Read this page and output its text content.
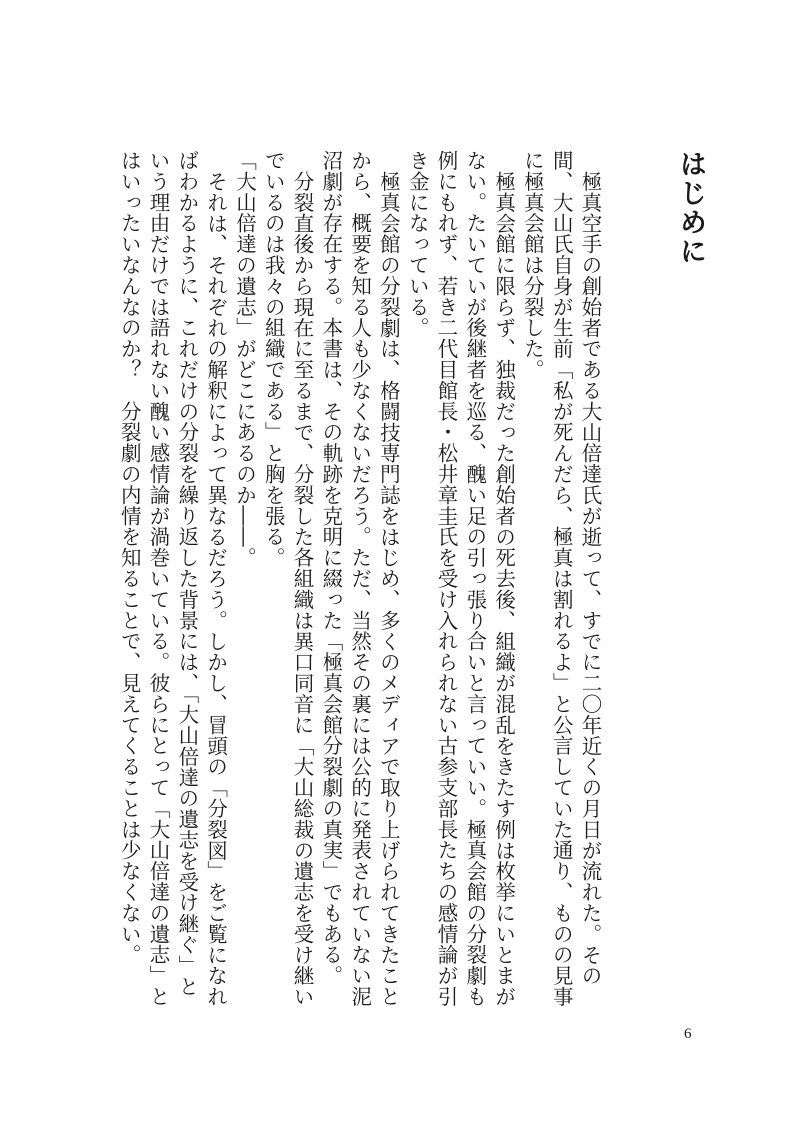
はじめに

極真空手の創始者である大山倍達氏が逝って、すでに二〇年近くの月日が流れた。その間、大山氏自身が生前「私が死んだら、極真は割れるよ」と公言していた通り、ものの見事に極真会館は分裂した。

極真会館に限らず、独裁だった創始者の死去後、組織が混乱をきたす例は枚挙にいとまがない。たいていが後継者を巡る、醜い足の引っ張り合いと言っていい。極真会館の分裂劇も例にもれず、若き二代目館長・松井章圭氏を受け入れられない古参支部長たちの感情論が引き金になっている。

極真会館の分裂劇は、格闘技専門誌をはじめ、多くのメディアで取り上げられてきたことから、概要を知る人も少なくないだろう。ただ、当然その裏には公的に発表されていない泥沼劇が存在する。本書は、その軌跡を克明に綴った「極真会館分裂劇の真実」でもある。

分裂直後から現在に至るまで、分裂した各組織は異口同音に「大山総裁の遺志を受け継いでいるのは我々の組織である」と胸を張る。

「大山倍達の遺志」がどこにあるのか――。

それは、それぞれの解釈によって異なるだろう。しかし、冒頭の「分裂図」をご覧になればわかるように、これだけの分裂を繰り返した背景には、「大山倍達の遺志を受け継ぐ」という理由だけでは語れない醜い感情論が渦巻いている。彼らにとって「大山倍達の遺志」とはいったいなんなのか？　分裂劇の内情を知ることで、見えてくることは少なくない。

6
